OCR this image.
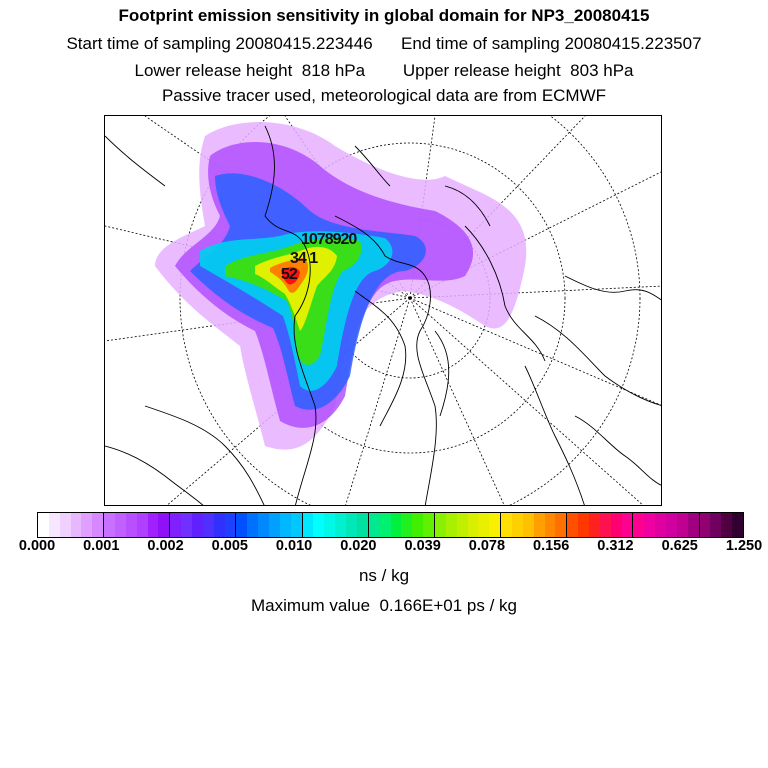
Footprint emission sensitivity in global domain for NP3_20080415
Start time of sampling 20080415.223446      End time of sampling 20080415.223507
Lower release height  818 hPa        Upper release height  803 hPa
Passive tracer used, meteorological data are from ECMWF
1078920
34 1
52
0.000 0.001 0.002 0.005 0.010 0.020 0.039 0.078 0.156 0.312 0.625 1.250
ns / kg
Maximum value  0.166E+01 ps / kg
